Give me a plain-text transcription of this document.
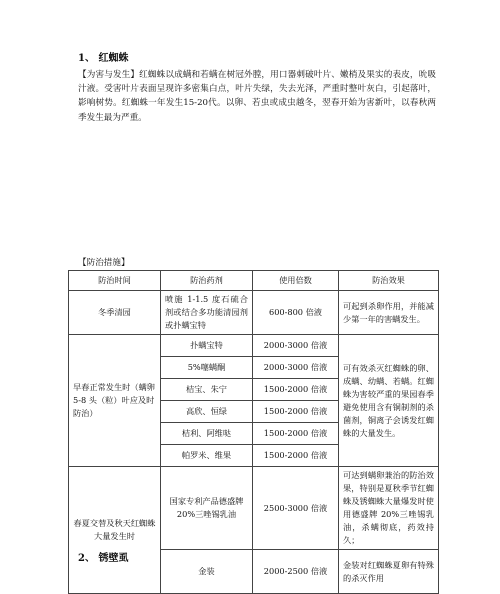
1、 红蜘蛛
【为害与发生】红蜘蛛以成螨和若螨在树冠外膛，用口器刺破叶片、嫩梢及果实的表皮，吮吸汁液。受害叶片表面呈现许多密集白点，叶片失绿，失去光泽，严重时整叶灰白，引起落叶，影响树势。红蜘蛛一年发生15-20代。以卵、若虫或成虫越冬，翌春开始为害新叶，以春秋两季发生最为严重。
【防治措施】
防治时间	防治药剂	使用倍数	防治效果
冬季清园	喷施 1-1.5 度石硫合剂或结合多功能清园剂或扑螨宝特	600-800 倍液	可起到杀卵作用，并能减少第一年的害螨发生。
早春正常发生时（螨卵 5-8 头（粒）叶应及时防治）	扑螨宝特	2000-3000 倍液	可有效杀灭红蜘蛛的卵、成螨、幼螨、若螨。红蜘蛛为害较严重的果园春季避免使用含有铜制剂的杀菌剂，铜离子会诱发红蜘蛛的大量发生。
	5%噻螨酮	2000-3000 倍液	
	桔宝、朱宁	1500-2000 倍液	
	高欣、恒绿	1500-2000 倍液	
	桔利、阿维哒	1500-2000 倍液	
	帕罗米、维果	1500-2000 倍液	
春夏交替及秋天红蜘蛛大量发生时	国家专利产品德盛牌 20%三唑锡乳油	2500-3000 倍液	可达到螨卵兼治的防治效果，特别是夏秋季节红蜘蛛及锈蜘蛛大量爆发时使用德盛牌 20%三唑锡乳油，杀螨彻底，药效持久；
	金装	2000-2500 倍液	金装对红蜘蛛夏卵有特殊的杀灭作用
2、 锈壁虱
